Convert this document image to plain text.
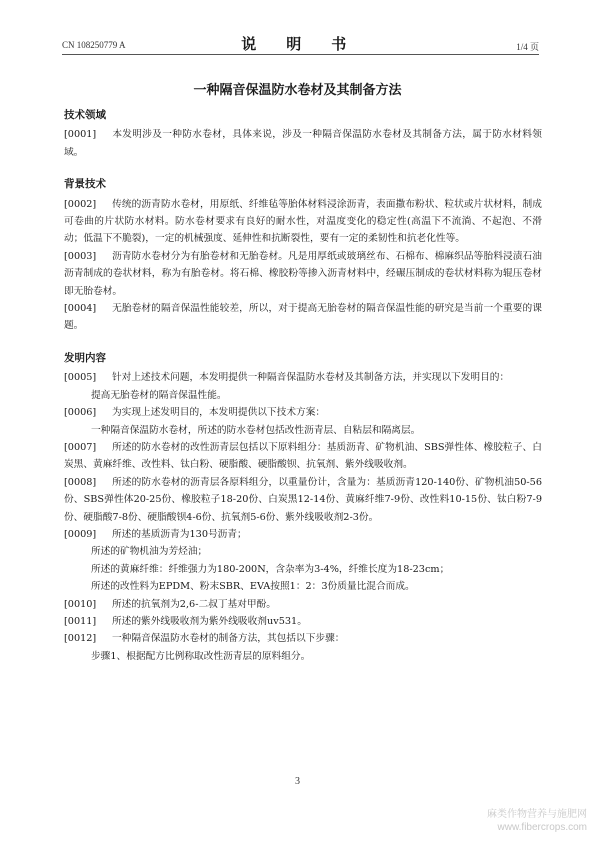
CN 108250779 A	说　明　书	1/4 页
一种隔音保温防水卷材及其制备方法
技术领域

[0001] 本发明涉及一种防水卷材，具体来说，涉及一种隔音保温防水卷材及其制备方法，属于防水材料领域。

背景技术

[0002] 传统的沥青防水卷材，用原纸、纤维毡等胎体材料浸涂沥青，表面撒布粉状、粒状或片状材料，制成可卷曲的片状防水材料。防水卷材要求有良好的耐水性，对温度变化的稳定性(高温下不流淌、不起泡、不滑动；低温下不脆裂)，一定的机械强度、延伸性和抗断裂性，要有一定的柔韧性和抗老化性等。

[0003] 沥青防水卷材分为有胎卷材和无胎卷材。凡是用厚纸或玻璃丝布、石棉布、棉麻织品等胎料浸渍石油沥青制成的卷状材料，称为有胎卷材。将石棉、橡胶粉等掺入沥青材料中，经碾压制成的卷状材料称为辊压卷材即无胎卷材。

[0004] 无胎卷材的隔音保温性能较差，所以，对于提高无胎卷材的隔音保温性能的研究是当前一个重要的课题。

发明内容

[0005] 针对上述技术问题，本发明提供一种隔音保温防水卷材及其制备方法，并实现以下发明目的：

提高无胎卷材的隔音保温性能。

[0006] 为实现上述发明目的，本发明提供以下技术方案：

一种隔音保温防水卷材，所述的防水卷材包括改性沥青层、自粘层和隔离层。

[0007] 所述的防水卷材的改性沥青层包括以下原料组分：基质沥青、矿物机油、SBS弹性体、橡胶粒子、白炭黑、黄麻纤维、改性料、钛白粉、硬脂酸、硬脂酸钡、抗氧剂、紫外线吸收剂。

[0008] 所述的防水卷材的沥青层各原料组分，以重量份计，含量为：基质沥青120-140份、矿物机油50-56份、SBS弹性体20-25份、橡胶粒子18-20份、白炭黑12-14份、黄麻纤维7-9份、改性料10-15份、钛白粉7-9份、硬脂酸7-8份、硬脂酸钡4-6份、抗氧剂5-6份、紫外线吸收剂2-3份。

[0009] 所述的基质沥青为130号沥青；

所述的矿物机油为芳烃油；

所述的黄麻纤维：纤维强力为180-200N，含杂率为3-4%，纤维长度为18-23cm；

所述的改性料为EPDM、粉末SBR、EVA按照1：2：3份质量比混合而成。

[0010] 所述的抗氧剂为2,6-二叔丁基对甲酚。

[0011] 所述的紫外线吸收剂为紫外线吸收剂uv531。

[0012] 一种隔音保温防水卷材的制备方法，其包括以下步骤：

步骤1、根据配方比例称取改性沥青层的原料组分。

3
麻类作物营养与施肥网
www.fibercrops.com
